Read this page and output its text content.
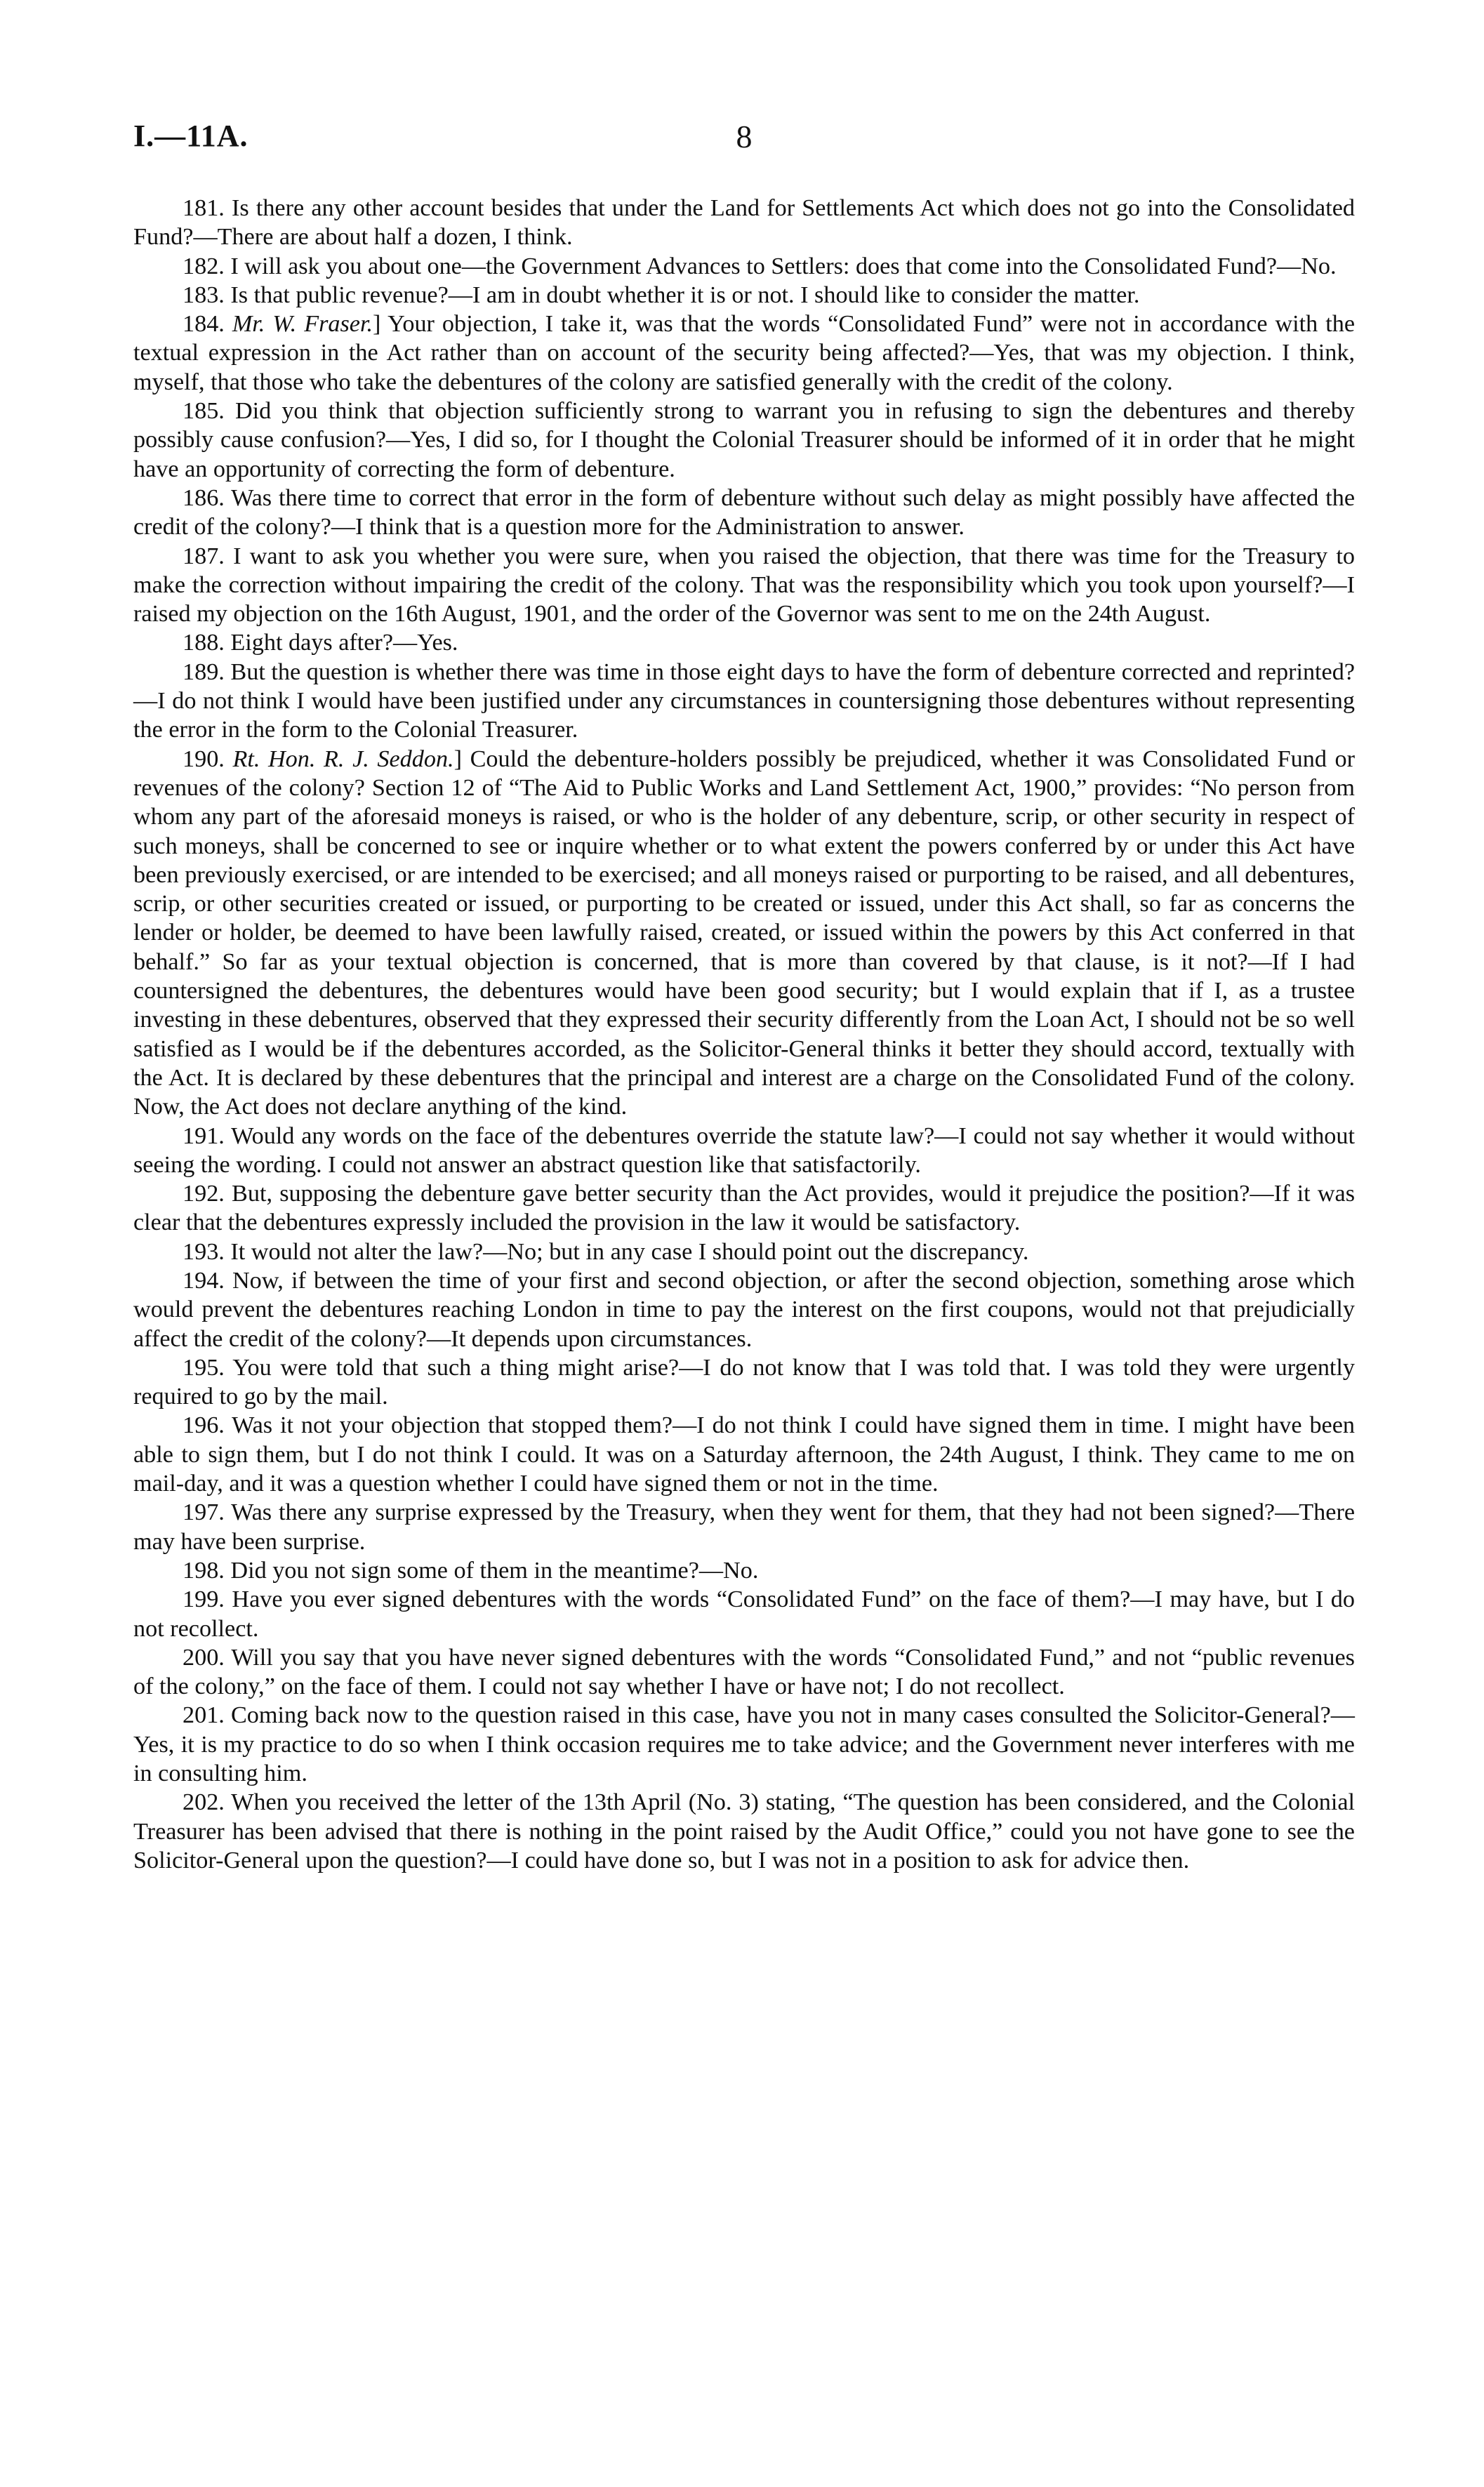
I.—11A.	8

181. Is there any other account besides that under the Land for Settlements Act which does not go into the Consolidated Fund?—There are about half a dozen, I think.

182. I will ask you about one—the Government Advances to Settlers: does that come into the Consolidated Fund?—No.

183. Is that public revenue?—I am in doubt whether it is or not. I should like to consider the matter.

184. Mr. W. Fraser.] Your objection, I take it, was that the words “Consolidated Fund” were not in accordance with the textual expression in the Act rather than on account of the security being affected?—Yes, that was my objection. I think, myself, that those who take the debentures of the colony are satisfied generally with the credit of the colony.

185. Did you think that objection sufficiently strong to warrant you in refusing to sign the debentures and thereby possibly cause confusion?—Yes, I did so, for I thought the Colonial Treasurer should be informed of it in order that he might have an opportunity of correcting the form of debenture.

186. Was there time to correct that error in the form of debenture without such delay as might possibly have affected the credit of the colony?—I think that is a question more for the Administration to answer.

187. I want to ask you whether you were sure, when you raised the objection, that there was time for the Treasury to make the correction without impairing the credit of the colony. That was the responsibility which you took upon yourself?—I raised my objection on the 16th August, 1901, and the order of the Governor was sent to me on the 24th August.

188. Eight days after?—Yes.

189. But the question is whether there was time in those eight days to have the form of debenture corrected and reprinted?—I do not think I would have been justified under any circumstances in countersigning those debentures without representing the error in the form to the Colonial Treasurer.

190. Rt. Hon. R. J. Seddon.] Could the debenture-holders possibly be prejudiced, whether it was Consolidated Fund or revenues of the colony? Section 12 of “The Aid to Public Works and Land Settlement Act, 1900,” provides: “No person from whom any part of the aforesaid moneys is raised, or who is the holder of any debenture, scrip, or other security in respect of such moneys, shall be concerned to see or inquire whether or to what extent the powers conferred by or under this Act have been previously exercised, or are intended to be exercised; and all moneys raised or purporting to be raised, and all debentures, scrip, or other securities created or issued, or purporting to be created or issued, under this Act shall, so far as concerns the lender or holder, be deemed to have been lawfully raised, created, or issued within the powers by this Act conferred in that behalf.” So far as your textual objection is concerned, that is more than covered by that clause, is it not?—If I had countersigned the debentures, the debentures would have been good security; but I would explain that if I, as a trustee investing in these debentures, observed that they expressed their security differently from the Loan Act, I should not be so well satisfied as I would be if the debentures accorded, as the Solicitor-General thinks it better they should accord, textually with the Act. It is declared by these debentures that the principal and interest are a charge on the Consolidated Fund of the colony. Now, the Act does not declare anything of the kind.

191. Would any words on the face of the debentures override the statute law?—I could not say whether it would without seeing the wording. I could not answer an abstract question like that satisfactorily.

192. But, supposing the debenture gave better security than the Act provides, would it prejudice the position?—If it was clear that the debentures expressly included the provision in the law it would be satisfactory.

193. It would not alter the law?—No; but in any case I should point out the discrepancy.

194. Now, if between the time of your first and second objection, or after the second objection, something arose which would prevent the debentures reaching London in time to pay the interest on the first coupons, would not that prejudicially affect the credit of the colony?—It depends upon circumstances.

195. You were told that such a thing might arise?—I do not know that I was told that. I was told they were urgently required to go by the mail.

196. Was it not your objection that stopped them?—I do not think I could have signed them in time. I might have been able to sign them, but I do not think I could. It was on a Saturday afternoon, the 24th August, I think. They came to me on mail-day, and it was a question whether I could have signed them or not in the time.

197. Was there any surprise expressed by the Treasury, when they went for them, that they had not been signed?—There may have been surprise.

198. Did you not sign some of them in the meantime?—No.

199. Have you ever signed debentures with the words “Consolidated Fund” on the face of them?—I may have, but I do not recollect.

200. Will you say that you have never signed debentures with the words “Consolidated Fund,” and not “public revenues of the colony,” on the face of them. I could not say whether I have or have not; I do not recollect.

201. Coming back now to the question raised in this case, have you not in many cases consulted the Solicitor-General?—Yes, it is my practice to do so when I think occasion requires me to take advice; and the Government never interferes with me in consulting him.

202. When you received the letter of the 13th April (No. 3) stating, “The question has been considered, and the Colonial Treasurer has been advised that there is nothing in the point raised by the Audit Office,” could you not have gone to see the Solicitor-General upon the question?—I could have done so, but I was not in a position to ask for advice then.
